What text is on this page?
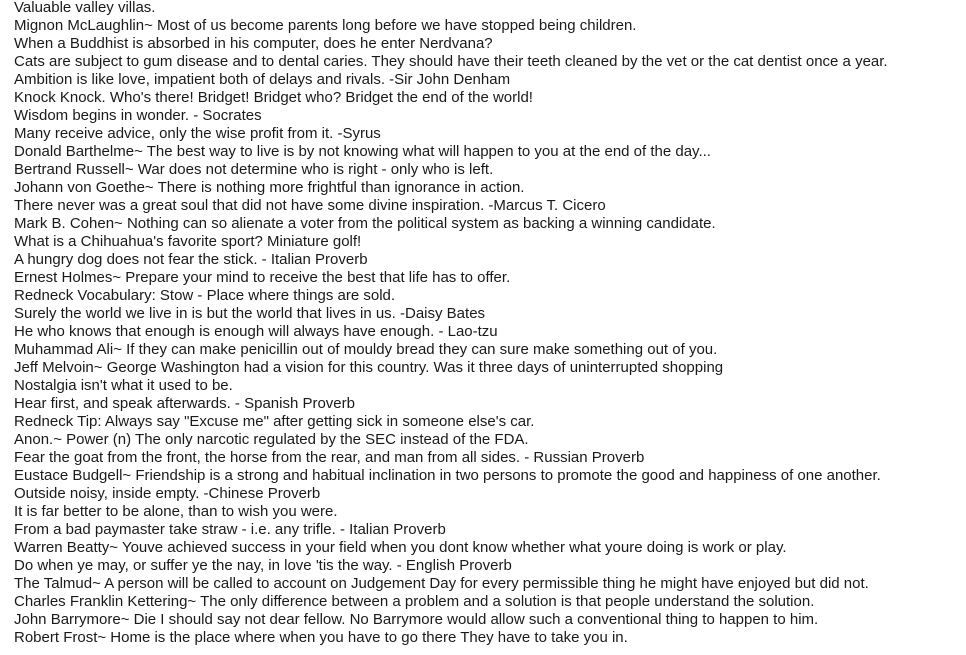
Valuable valley villas.
Mignon McLaughlin~ Most of us become parents long before we have stopped being children.
When a Buddhist is absorbed in his computer, does he enter Nerdvana?
Cats are subject to gum disease and to dental caries. They should have their teeth cleaned by the vet or the cat dentist once a year.
Ambition is like love, impatient both of delays and rivals. -Sir John Denham
Knock Knock. Who's there! Bridget! Bridget who? Bridget the end of the world!
Wisdom begins in wonder. - Socrates
Many receive advice, only the wise profit from it. -Syrus
Donald Barthelme~ The best way to live is by not knowing what will happen to you at the end of the day...
Bertrand Russell~ War does not determine who is right - only who is left.
Johann von Goethe~ There is nothing more frightful than ignorance in action.
There never was a great soul that did not have some divine inspiration. -Marcus T. Cicero
Mark B. Cohen~ Nothing can so alienate a voter from the political system as backing a winning candidate.
What is a Chihuahua's favorite sport? Miniature golf!
A hungry dog does not fear the stick. - Italian Proverb
Ernest Holmes~ Prepare your mind to receive the best that life has to offer.
Redneck Vocabulary: Stow - Place where things are sold.
Surely the world we live in is but the world that lives in us. -Daisy Bates
He who knows that enough is enough will always have enough. - Lao-tzu
Muhammad Ali~ If they can make penicillin out of mouldy bread they can sure make something out of you.
Jeff Melvoin~ George Washington had a vision for this country. Was it three days of uninterrupted shopping
Nostalgia isn't what it used to be.
Hear first, and speak afterwards. - Spanish Proverb
Redneck Tip: Always say "Excuse me" after getting sick in someone else's car.
Anon.~ Power (n) The only narcotic regulated by the SEC instead of the FDA.
Fear the goat from the front, the horse from the rear, and man from all sides. - Russian Proverb
Eustace Budgell~ Friendship is a strong and habitual inclination in two persons to promote the good and happiness of one another.
Outside noisy, inside empty. -Chinese Proverb
It is far better to be alone, than to wish you were.
From a bad paymaster take straw - i.e. any trifle. - Italian Proverb
Warren Beatty~ Youve achieved success in your field when you dont know whether what youre doing is work or play.
Do when ye may, or suffer ye the nay, in love 'tis the way. - English Proverb
The Talmud~ A person will be called to account on Judgement Day for every permissible thing he might have enjoyed but did not.
Charles Franklin Kettering~ The only difference between a problem and a solution is that people understand the solution.
John Barrymore~ Die I should say not dear fellow. No Barrymore would allow such a conventional thing to happen to him.
Robert Frost~ Home is the place where when you have to go there They have to take you in.
